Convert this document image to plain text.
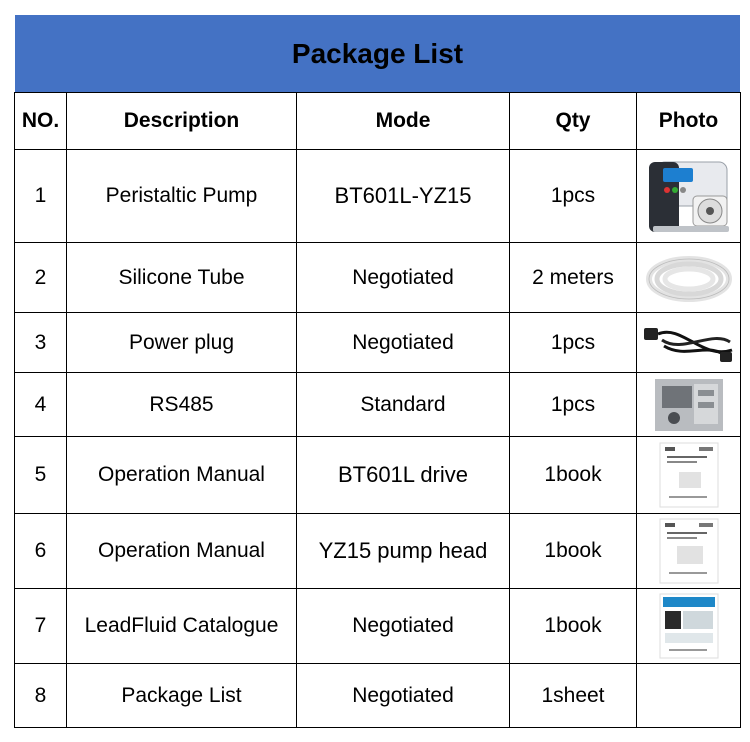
Package List
NO.	Description	Mode	Qty	Photo
1	Peristaltic Pump	BT601L-YZ15	1pcs	

2	Silicone Tube	Negotiated	2 meters	

3	Power plug	Negotiated	1pcs	

4	RS485	Standard	1pcs	

5	Operation Manual	BT601L drive	1book	

6	Operation Manual	YZ15 pump head	1book	

7	LeadFluid Catalogue	Negotiated	1book	

8	Package List	Negotiated	1sheet	
